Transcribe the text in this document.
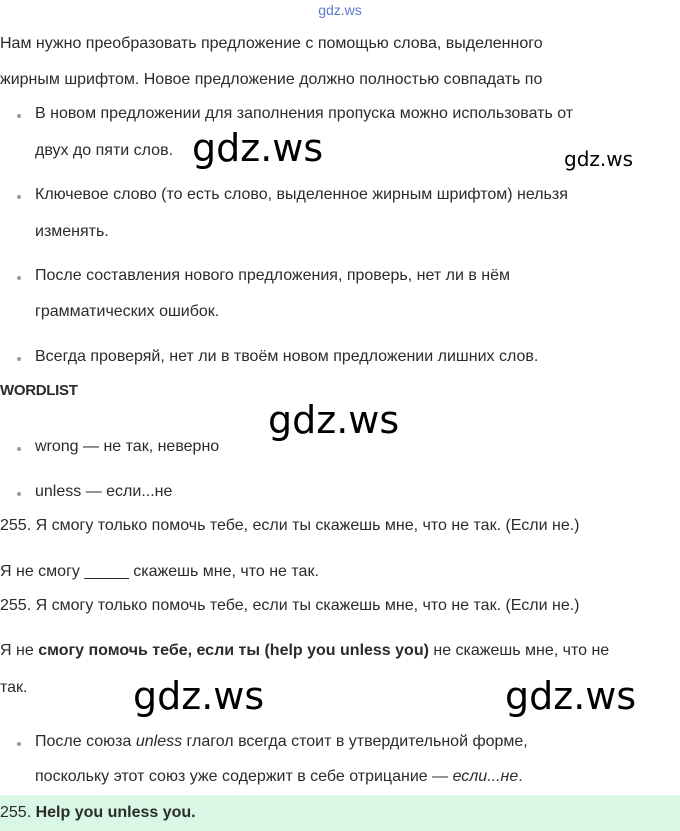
gdz.ws
Нам нужно преобразовать предложение с помощью слова, выделенного
жирным шрифтом. Новое предложение должно полностью совпадать по
В новом предложении для заполнения пропуска можно использовать от
двух до пяти слов.
Ключевое слово (то есть слово, выделенное жирным шрифтом) нельзя
изменять.
После составления нового предложения, проверь, нет ли в нём
грамматических ошибок.
Всегда проверяй, нет ли в твоём новом предложении лишних слов.
WORDLIST
wrong — не так, неверно
unless — если...не
255. Я смогу только помочь тебе, если ты скажешь мне, что не так. (Если не.)
Я не смогу _____ скажешь мне, что не так.
255. Я смогу только помочь тебе, если ты скажешь мне, что не так. (Если не.)
Я не смогу помочь тебе, если ты (help you unless you) не скажешь мне, что не
так.
После союза unless глагол всегда стоит в утвердительной форме,
поскольку этот союз уже содержит в себе отрицание — если...не.
255. Help you unless you.
gdz.ws	gdz.ws
gdz.ws
gdz.ws	gdz.ws
